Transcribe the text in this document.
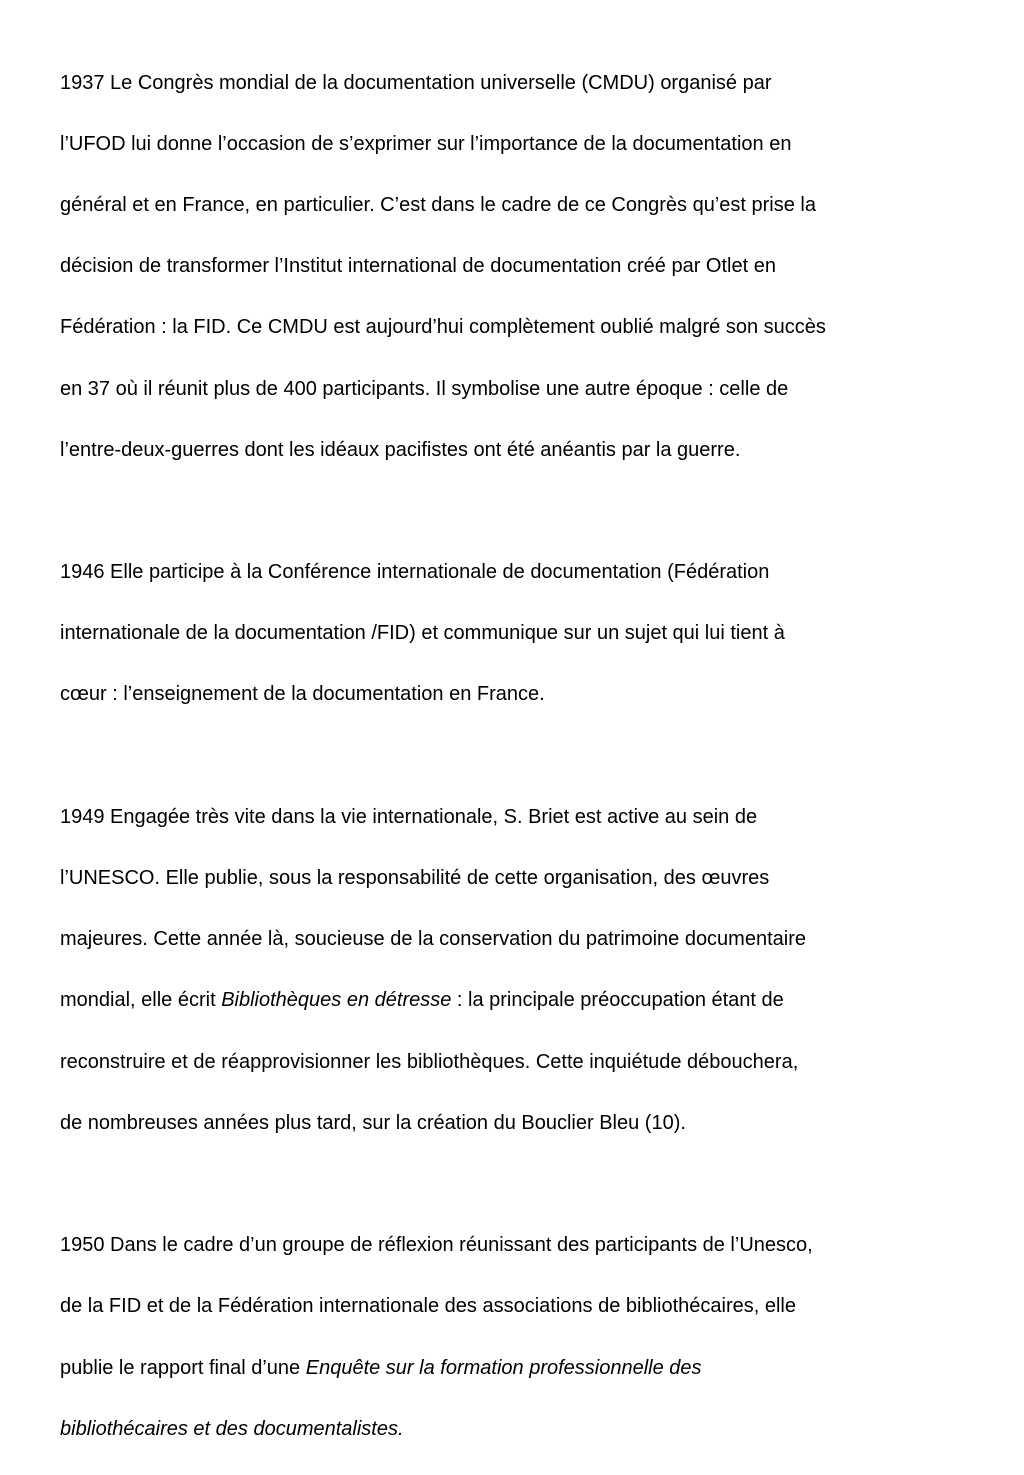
1937 Le Congrès mondial de la documentation universelle (CMDU) organisé par

l’UFOD lui donne l’occasion de s’exprimer sur l’importance de la documentation en

général et en France, en particulier. C’est dans le cadre de ce Congrès qu’est prise la

décision de transformer l’Institut international de documentation créé par Otlet en

Fédération : la FID. Ce CMDU est aujourd’hui complètement oublié malgré son succès

en 37 où il réunit plus de 400 participants. Il symbolise une autre époque : celle de

l’entre-deux-guerres dont les idéaux pacifistes ont été anéantis par la guerre.

1946 Elle participe à la Conférence internationale de documentation (Fédération

internationale de la documentation /FID) et communique sur un sujet qui lui tient à

cœur : l’enseignement de la documentation en France.

1949 Engagée très vite dans la vie internationale, S. Briet est active au sein de

l’UNESCO. Elle publie, sous la responsabilité de cette organisation, des œuvres

majeures. Cette année là, soucieuse de la conservation du patrimoine documentaire

mondial, elle écrit Bibliothèques en détresse : la principale préoccupation étant de

reconstruire et de réapprovisionner les bibliothèques. Cette inquiétude débouchera,

de nombreuses années plus tard, sur la création du Bouclier Bleu (10).

1950 Dans le cadre d’un groupe de réflexion réunissant des participants de l’Unesco,

de la FID et de la Fédération internationale des associations de bibliothécaires, elle

publie le rapport final d’une Enquête sur la formation professionnelle des

bibliothécaires et des documentalistes.
